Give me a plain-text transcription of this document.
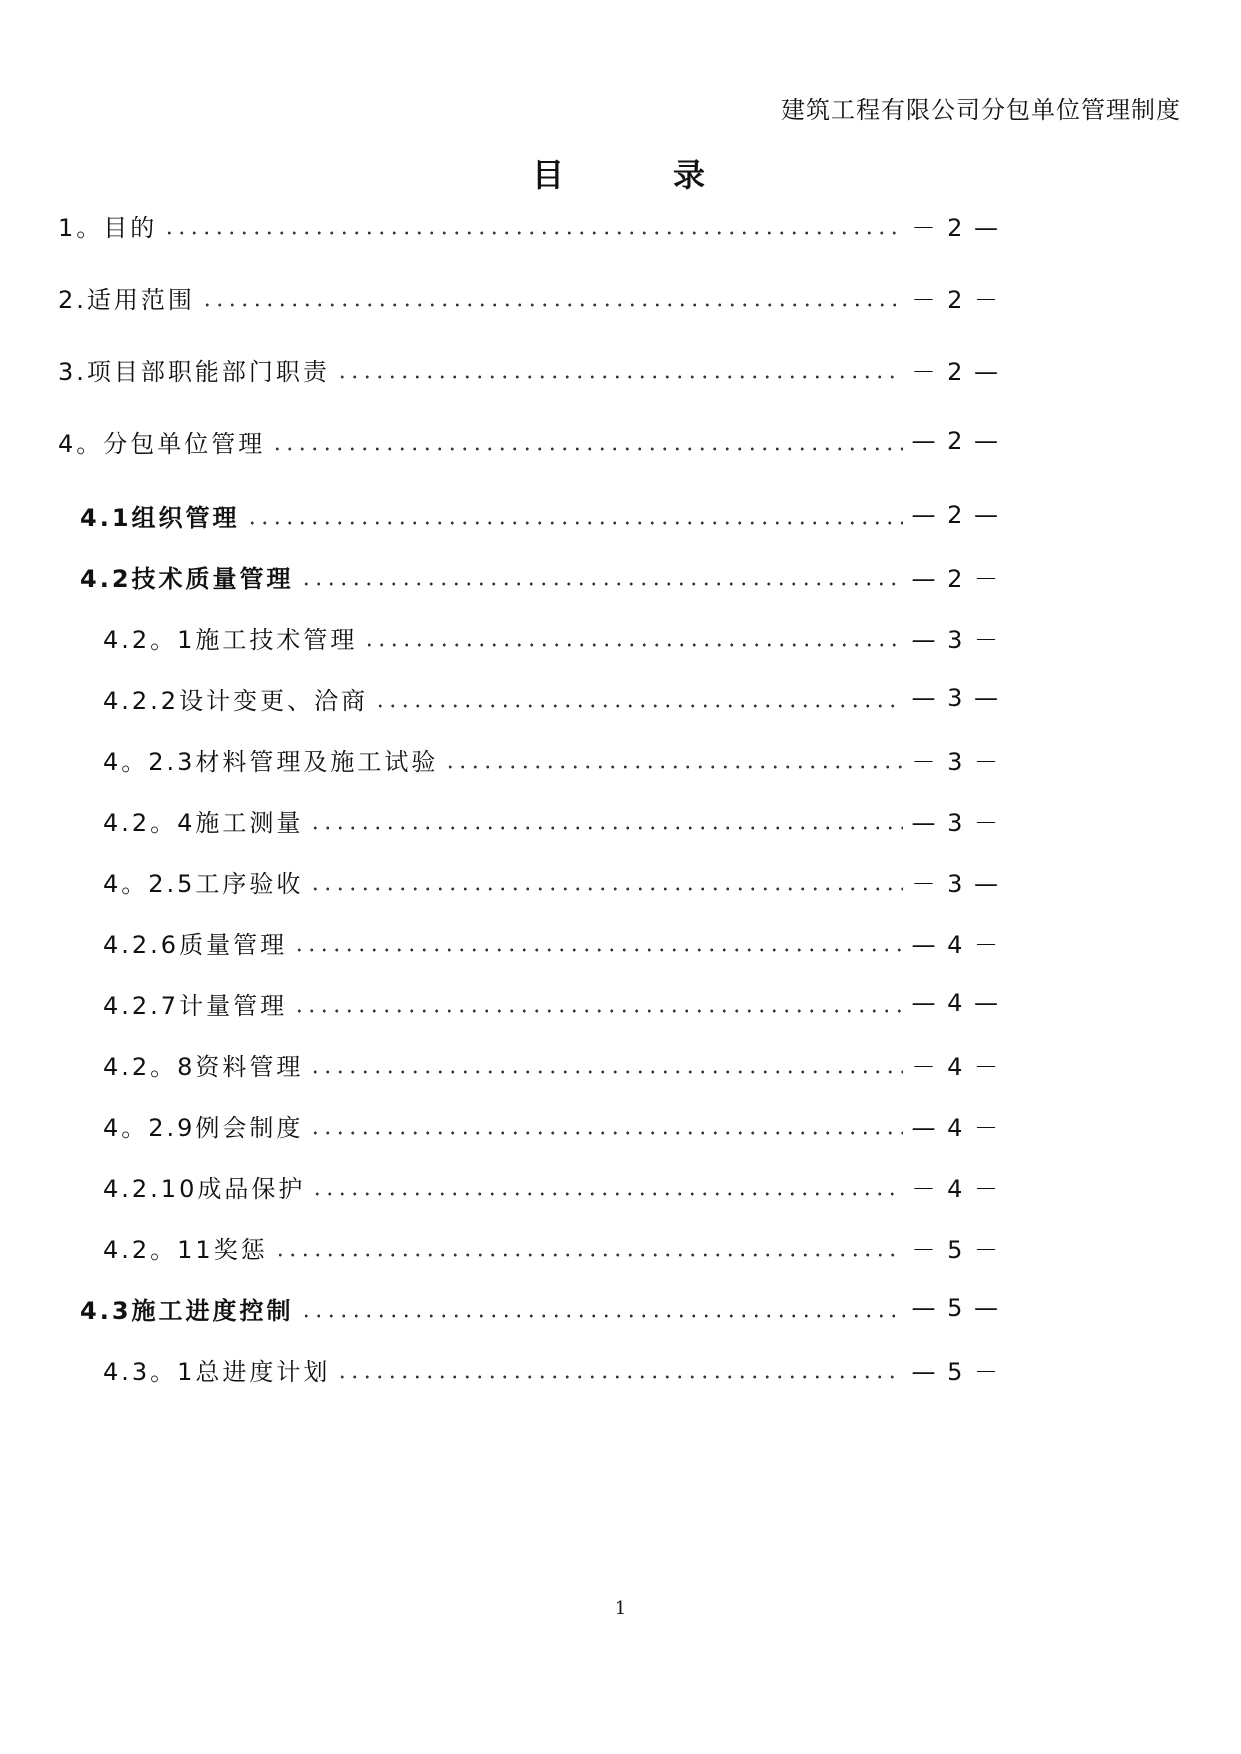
建筑工程有限公司分包单位管理制度
目	录
1。目的	－ 2 —
2.适用范围	－ 2 －
3.项目部职能部门职责	－ 2 —
4。分包单位管理	— 2 —
4.1组织管理	— 2 —
4.2技术质量管理	— 2 －
4.2。1施工技术管理	— 3 －
4.2.2设计变更、洽商	— 3 —
4。2.3材料管理及施工试验	－ 3 －
4.2。4施工测量	— 3 －
4。2.5工序验收	－ 3 —
4.2.6质量管理	— 4 －
4.2.7计量管理	— 4 —
4.2。8资料管理	－ 4 －
4。2.9例会制度	— 4 －
4.2.10成品保护	－ 4 －
4.2。11奖惩	－ 5 －
4.3施工进度控制	— 5 —
4.3。1总进度计划	— 5 －
1
